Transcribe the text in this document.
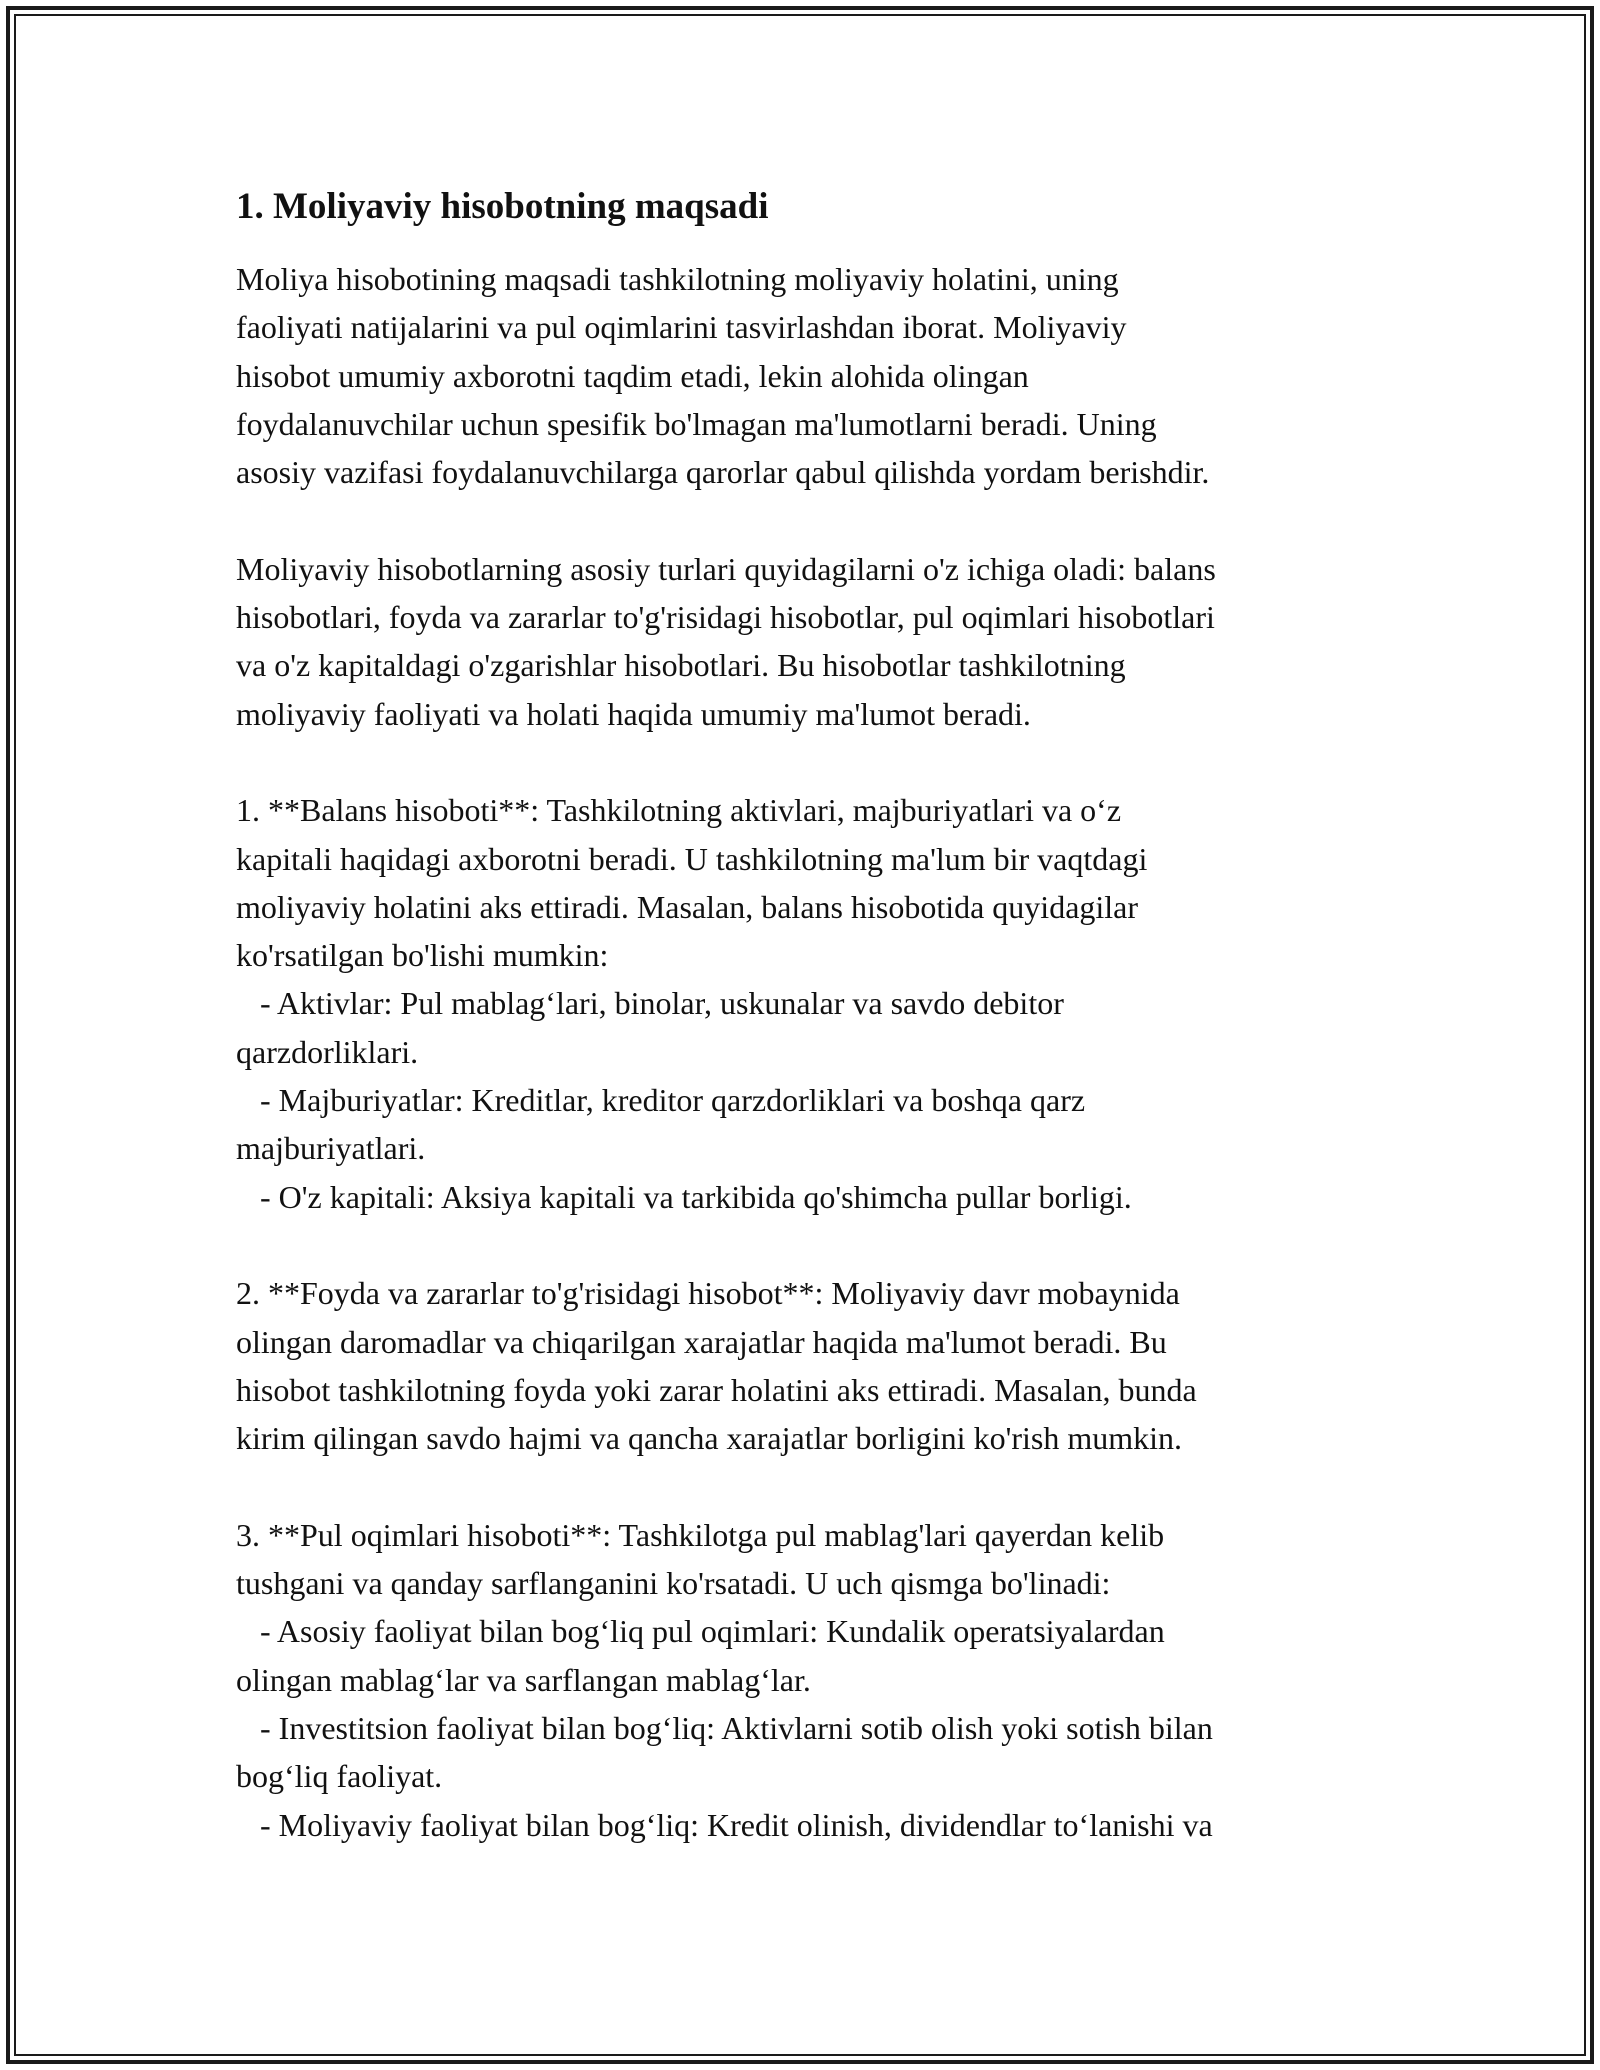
1. Moliyaviy hisobotning maqsadi
Moliya hisobotining maqsadi tashkilotning moliyaviy holatini, uning
faoliyati natijalarini va pul oqimlarini tasvirlashdan iborat. Moliyaviy
hisobot umumiy axborotni taqdim etadi, lekin alohida olingan
foydalanuvchilar uchun spesifik bo'lmagan ma'lumotlarni beradi. Uning
asosiy vazifasi foydalanuvchilarga qarorlar qabul qilishda yordam berishdir.
Moliyaviy hisobotlarning asosiy turlari quyidagilarni o'z ichiga oladi: balans
hisobotlari, foyda va zararlar to'g'risidagi hisobotlar, pul oqimlari hisobotlari
va o'z kapitaldagi o'zgarishlar hisobotlari. Bu hisobotlar tashkilotning
moliyaviy faoliyati va holati haqida umumiy ma'lumot beradi.
1. **Balans hisoboti**: Tashkilotning aktivlari, majburiyatlari va o‘z
kapitali haqidagi axborotni beradi. U tashkilotning ma'lum bir vaqtdagi
moliyaviy holatini aks ettiradi. Masalan, balans hisobotida quyidagilar
ko'rsatilgan bo'lishi mumkin:
- Aktivlar: Pul mablag‘lari, binolar, uskunalar va savdo debitor
qarzdorliklari.
- Majburiyatlar: Kreditlar, kreditor qarzdorliklari va boshqa qarz
majburiyatlari.
- O'z kapitali: Aksiya kapitali va tarkibida qo'shimcha pullar borligi.
2. **Foyda va zararlar to'g'risidagi hisobot**: Moliyaviy davr mobaynida
olingan daromadlar va chiqarilgan xarajatlar haqida ma'lumot beradi. Bu
hisobot tashkilotning foyda yoki zarar holatini aks ettiradi. Masalan, bunda
kirim qilingan savdo hajmi va qancha xarajatlar borligini ko'rish mumkin.
3. **Pul oqimlari hisoboti**: Tashkilotga pul mablag'lari qayerdan kelib
tushgani va qanday sarflanganini ko'rsatadi. U uch qismga bo'linadi:
- Asosiy faoliyat bilan bog‘liq pul oqimlari: Kundalik operatsiyalardan
olingan mablag‘lar va sarflangan mablag‘lar.
- Investitsion faoliyat bilan bog‘liq: Aktivlarni sotib olish yoki sotish bilan
bog‘liq faoliyat.
- Moliyaviy faoliyat bilan bog‘liq: Kredit olinish, dividendlar to‘lanishi va
